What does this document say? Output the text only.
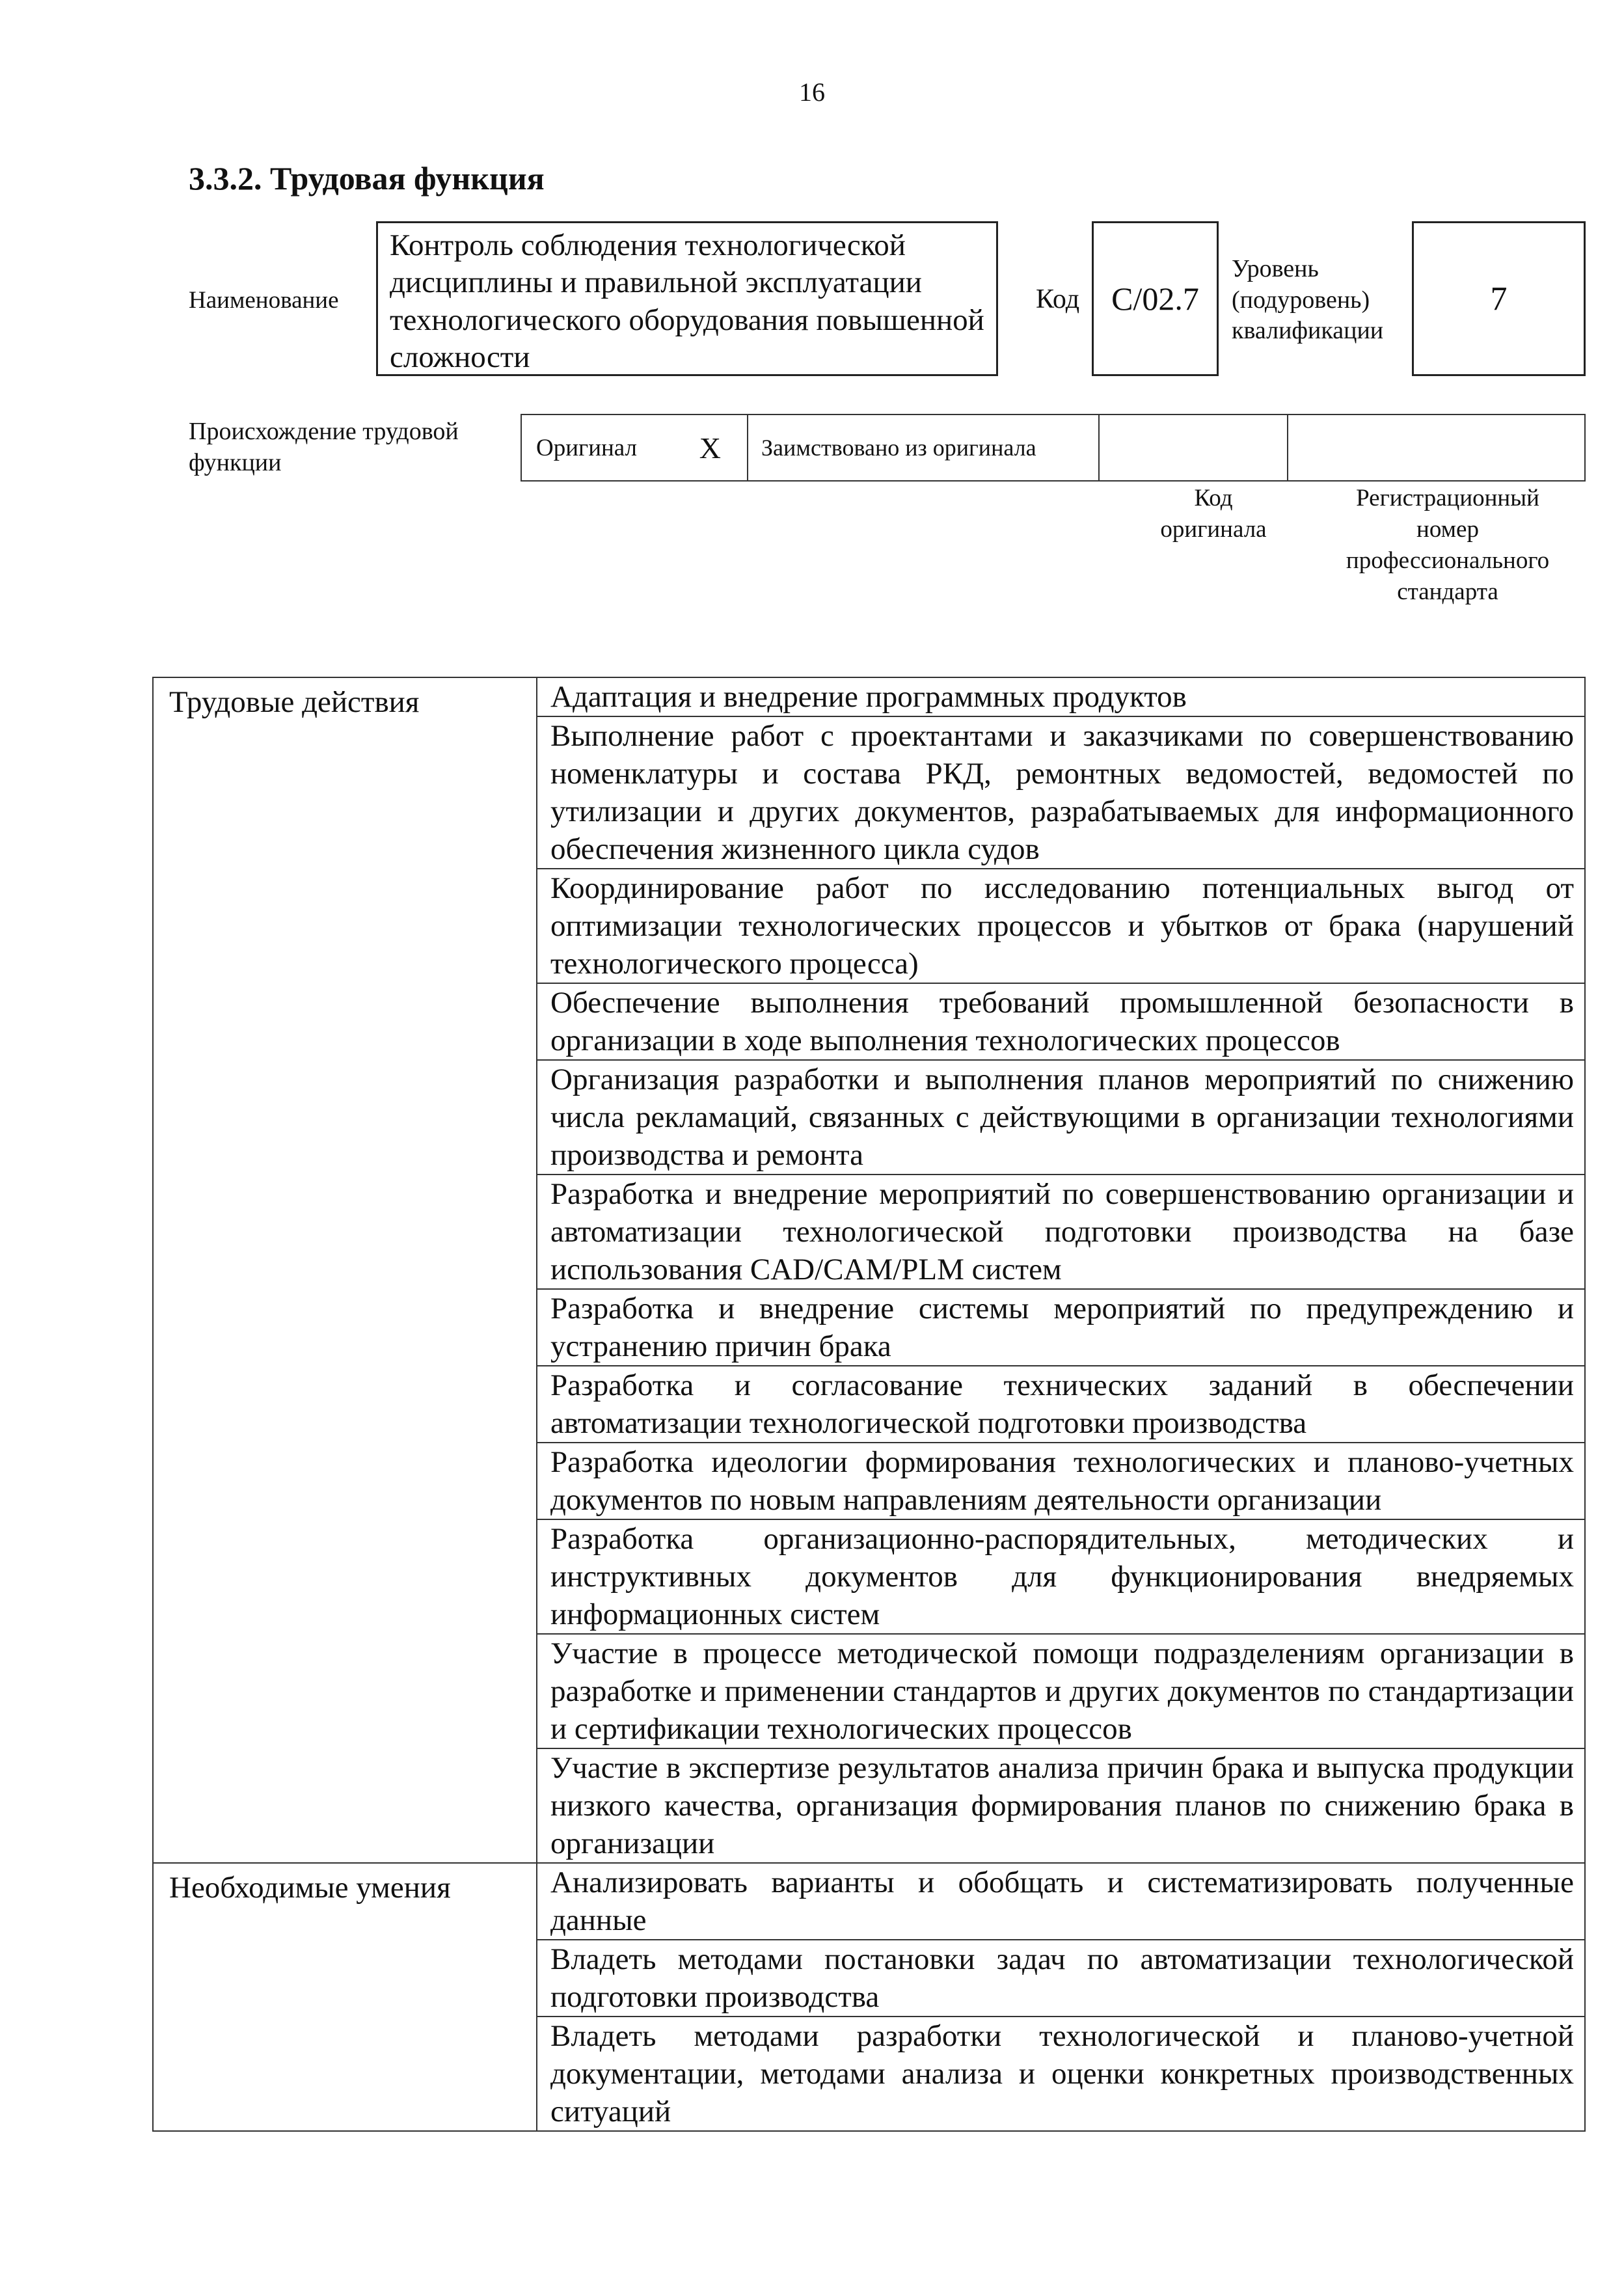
16
3.3.2. Трудовая функция
Наименование
Контроль соблюдения технологической дисциплины и правильной эксплуатации технологического оборудования повышенной сложности
Код C/02.7
Уровень
(подуровень)
квалификации
7
Происхождение трудовой
функции
Оригинал X	Заимствовано из оригинала
Код
оригинала
Регистрационный
номер
профессионального
стандарта
Трудовые действия	Адаптация и внедрение программных продуктов
	Выполнение работ с проектантами и заказчиками по совершенствованию номенклатуры и состава РКД, ремонтных ведомостей, ведомостей по утилизации и других документов, разрабатываемых для информационного обеспечения жизненного цикла судов
	Координирование работ по исследованию потенциальных выгод от оптимизации технологических процессов и убытков от брака (нарушений технологического процесса)
	Обеспечение выполнения требований промышленной безопасности в организации в ходе выполнения технологических процессов
	Организация разработки и выполнения планов мероприятий по снижению числа рекламаций, связанных с действующими в организации технологиями производства и ремонта
	Разработка и внедрение мероприятий по совершенствованию организации и автоматизации технологической подготовки производства на базе использования CAD/CAM/PLM систем
	Разработка и внедрение системы мероприятий по предупреждению и устранению причин брака
	Разработка и согласование технических заданий в обеспечении автоматизации технологической подготовки производства
	Разработка идеологии формирования технологических и планово-учетных документов по новым направлениям деятельности организации
	Разработка организационно-распорядительных, методических и инструктивных документов для функционирования внедряемых информационных систем
	Участие в процессе методической помощи подразделениям организации в разработке и применении стандартов и других документов по стандартизации и сертификации технологических процессов
	Участие в экспертизе результатов анализа причин брака и выпуска продукции низкого качества, организация формирования планов по снижению брака в организации
Необходимые умения	Анализировать варианты и обобщать и систематизировать полученные данные
	Владеть методами постановки задач по автоматизации технологической подготовки производства
	Владеть методами разработки технологической и планово-учетной документации, методами анализа и оценки конкретных производственных ситуаций
